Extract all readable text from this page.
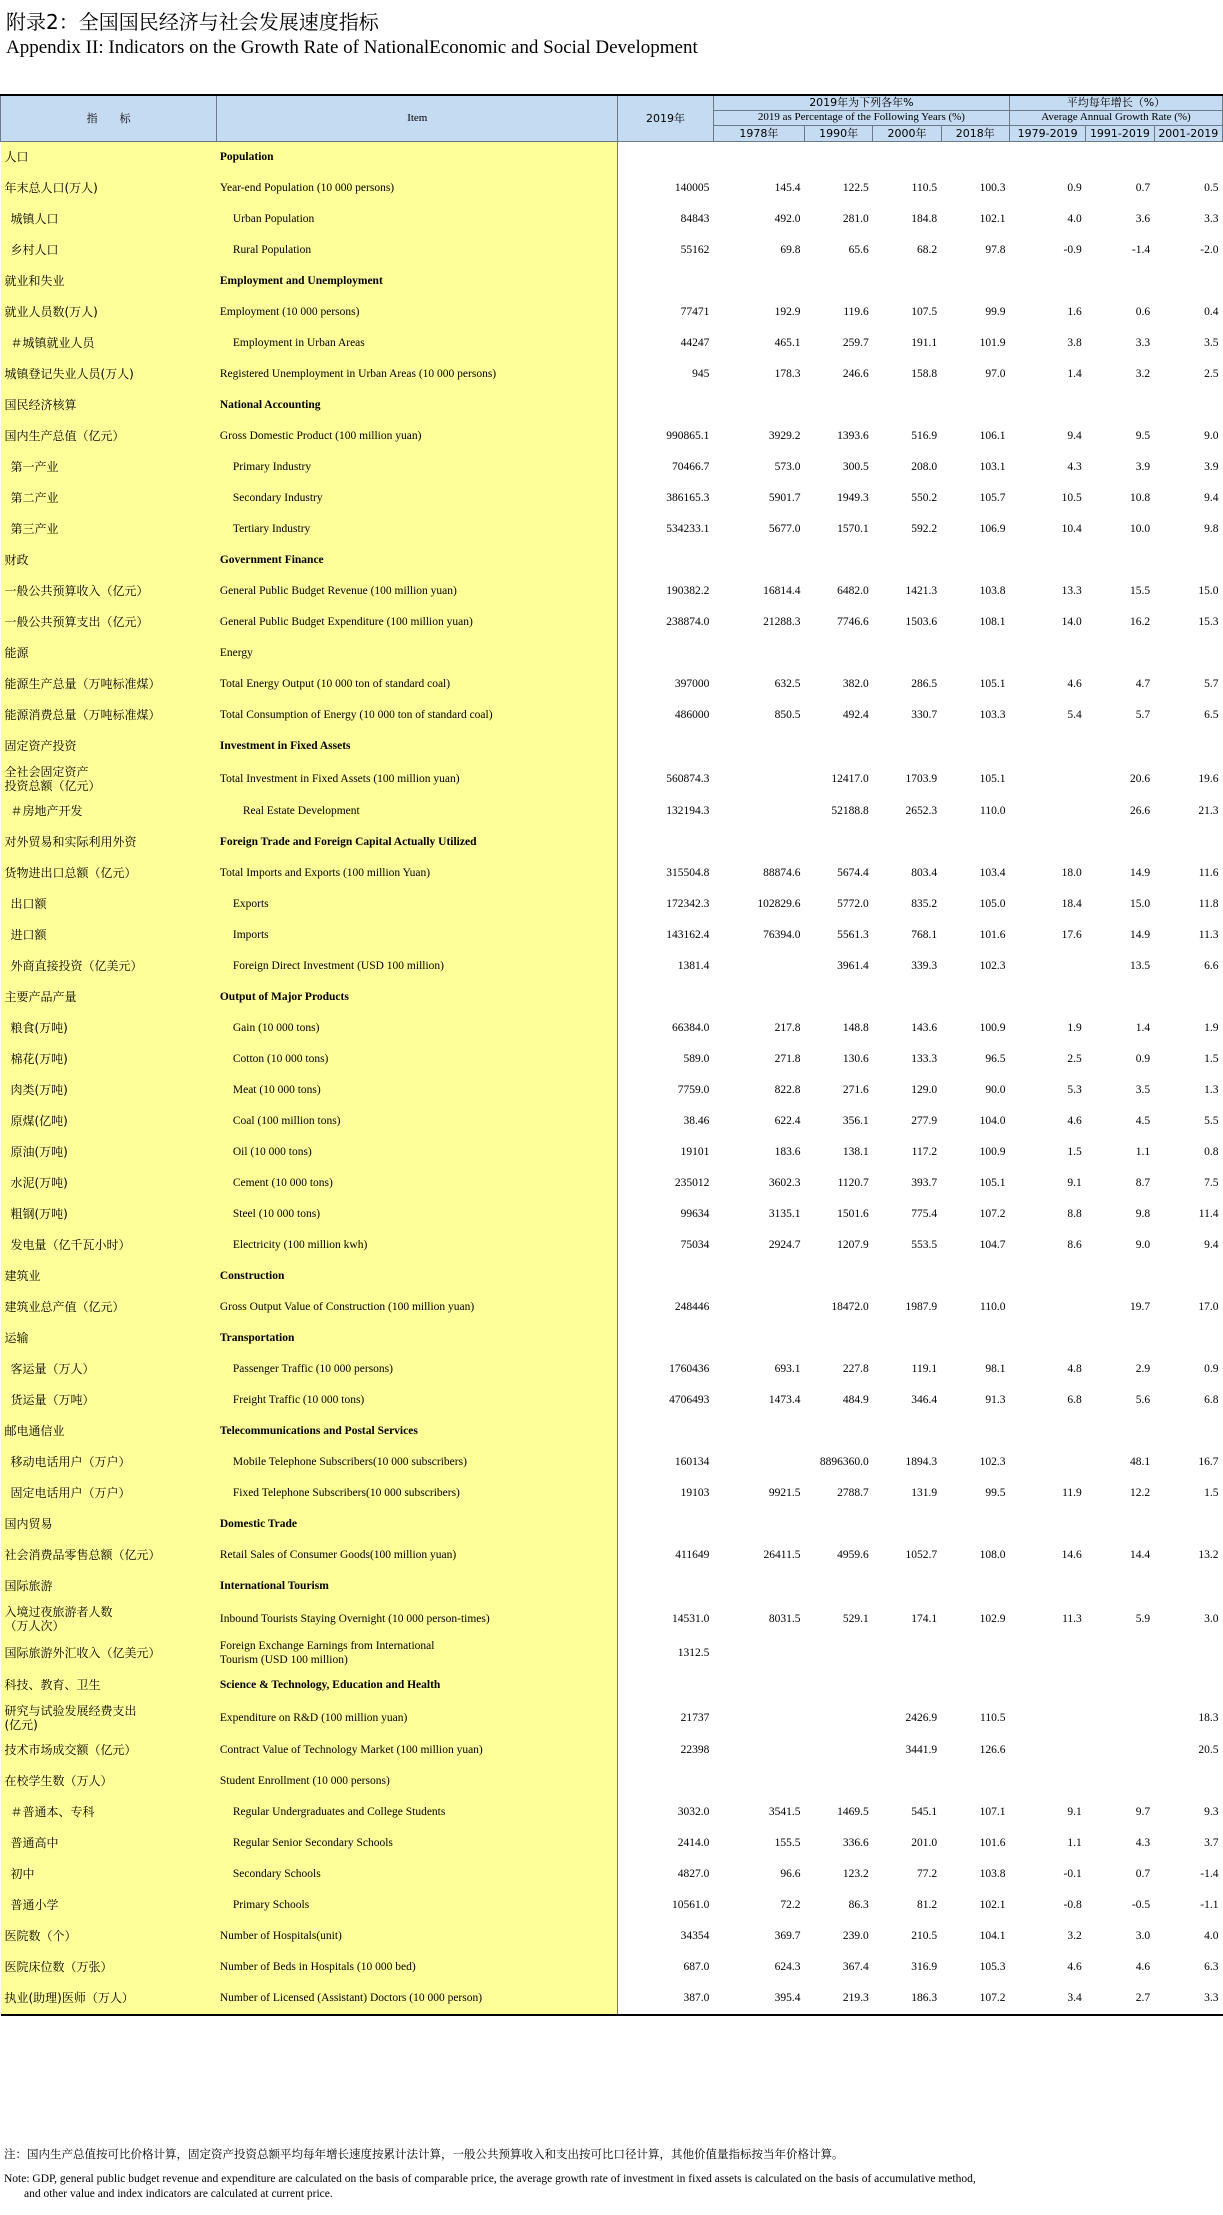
附录2：全国国民经济与社会发展速度指标
Appendix II: Indicators on the Growth Rate of NationalEconomic and Social Development
指　　标	Item	2019年	2019年为下列各年%				平均每年增长（%）		
			2019 as Percentage of the Following Years (%)				Average Annual Growth Rate (%)		
			1978年	1990年	2000年	2018年	1979-2019	1991-2019	2001-2019
人口	Population								
年末总人口(万人)	Year-end Population (10 000 persons)	140005	145.4	122.5	110.5	100.3	0.9	0.7	0.5
城镇人口	Urban Population	84843	492.0	281.0	184.8	102.1	4.0	3.6	3.3
乡村人口	Rural Population	55162	69.8	65.6	68.2	97.8	-0.9	-1.4	-2.0
就业和失业	Employment and Unemployment								
就业人员数(万人)	Employment (10 000 persons)	77471	192.9	119.6	107.5	99.9	1.6	0.6	0.4
＃城镇就业人员	Employment in Urban Areas	44247	465.1	259.7	191.1	101.9	3.8	3.3	3.5
城镇登记失业人员(万人)	Registered Unemployment in Urban Areas (10 000 persons)	945	178.3	246.6	158.8	97.0	1.4	3.2	2.5
国民经济核算	National Accounting								
国内生产总值（亿元）	Gross Domestic Product (100 million yuan)	990865.1	3929.2	1393.6	516.9	106.1	9.4	9.5	9.0
第一产业	Primary Industry	70466.7	573.0	300.5	208.0	103.1	4.3	3.9	3.9
第二产业	Secondary Industry	386165.3	5901.7	1949.3	550.2	105.7	10.5	10.8	9.4
第三产业	Tertiary Industry	534233.1	5677.0	1570.1	592.2	106.9	10.4	10.0	9.8
财政	Government Finance								
一般公共预算收入（亿元）	General Public Budget Revenue (100 million yuan)	190382.2	16814.4	6482.0	1421.3	103.8	13.3	15.5	15.0
一般公共预算支出（亿元）	General Public Budget Expenditure (100 million yuan)	238874.0	21288.3	7746.6	1503.6	108.1	14.0	16.2	15.3
能源	Energy								
能源生产总量（万吨标准煤）	Total Energy Output (10 000 ton of standard coal)	397000	632.5	382.0	286.5	105.1	4.6	4.7	5.7
能源消费总量（万吨标准煤）	Total Consumption of Energy (10 000 ton of standard coal)	486000	850.5	492.4	330.7	103.3	5.4	5.7	6.5
固定资产投资	Investment in Fixed Assets								
全社会固定资产
投资总额（亿元）	Total Investment in Fixed Assets (100 million yuan)	560874.3		12417.0	1703.9	105.1		20.6	19.6
＃房地产开发	Real Estate Development	132194.3		52188.8	2652.3	110.0		26.6	21.3
对外贸易和实际利用外资	Foreign Trade and Foreign Capital Actually Utilized								
货物进出口总额（亿元）	Total Imports and Exports (100 million Yuan)	315504.8	88874.6	5674.4	803.4	103.4	18.0	14.9	11.6
出口额	Exports	172342.3	102829.6	5772.0	835.2	105.0	18.4	15.0	11.8
进口额	Imports	143162.4	76394.0	5561.3	768.1	101.6	17.6	14.9	11.3
外商直接投资（亿美元）	Foreign Direct Investment (USD 100 million)	1381.4		3961.4	339.3	102.3		13.5	6.6
主要产品产量	Output of Major Products								
粮食(万吨)	Gain (10 000 tons)	66384.0	217.8	148.8	143.6	100.9	1.9	1.4	1.9
棉花(万吨)	Cotton (10 000 tons)	589.0	271.8	130.6	133.3	96.5	2.5	0.9	1.5
肉类(万吨)	Meat (10 000 tons)	7759.0	822.8	271.6	129.0	90.0	5.3	3.5	1.3
原煤(亿吨)	Coal (100 million tons)	38.46	622.4	356.1	277.9	104.0	4.6	4.5	5.5
原油(万吨)	Oil (10 000 tons)	19101	183.6	138.1	117.2	100.9	1.5	1.1	0.8
水泥(万吨)	Cement (10 000 tons)	235012	3602.3	1120.7	393.7	105.1	9.1	8.7	7.5
粗钢(万吨)	Steel (10 000 tons)	99634	3135.1	1501.6	775.4	107.2	8.8	9.8	11.4
发电量（亿千瓦小时）	Electricity (100 million kwh)	75034	2924.7	1207.9	553.5	104.7	8.6	9.0	9.4
建筑业	Construction								
建筑业总产值（亿元）	Gross Output Value of Construction (100 million yuan)	248446		18472.0	1987.9	110.0		19.7	17.0
运输	Transportation								
客运量（万人）	Passenger Traffic (10 000 persons)	1760436	693.1	227.8	119.1	98.1	4.8	2.9	0.9
货运量（万吨）	Freight Traffic (10 000 tons)	4706493	1473.4	484.9	346.4	91.3	6.8	5.6	6.8
邮电通信业	Telecommunications and Postal Services								
移动电话用户（万户）	Mobile Telephone Subscribers(10 000 subscribers)	160134		8896360.0	1894.3	102.3		48.1	16.7
固定电话用户（万户）	Fixed Telephone Subscribers(10 000 subscribers)	19103	9921.5	2788.7	131.9	99.5	11.9	12.2	1.5
国内贸易	Domestic Trade								
社会消费品零售总额（亿元）	Retail Sales of Consumer Goods(100 million yuan)	411649	26411.5	4959.6	1052.7	108.0	14.6	14.4	13.2
国际旅游	International Tourism								
入境过夜旅游者人数
（万人次）	Inbound Tourists Staying Overnight (10 000 person-times)	14531.0	8031.5	529.1	174.1	102.9	11.3	5.9	3.0
国际旅游外汇收入（亿美元）	Foreign Exchange Earnings from International
Tourism (USD 100 million)	1312.5							
科技、教育、卫生	Science & Technology, Education and Health								
研究与试验发展经费支出
(亿元)	Expenditure on R&D (100 million yuan)	21737			2426.9	110.5			18.3
技术市场成交额（亿元）	Contract Value of Technology Market (100 million yuan)	22398			3441.9	126.6			20.5
在校学生数（万人）	Student Enrollment (10 000 persons)								
＃普通本、专科	Regular Undergraduates and College Students	3032.0	3541.5	1469.5	545.1	107.1	9.1	9.7	9.3
普通高中	Regular Senior Secondary Schools	2414.0	155.5	336.6	201.0	101.6	1.1	4.3	3.7
初中	Secondary Schools	4827.0	96.6	123.2	77.2	103.8	-0.1	0.7	-1.4
普通小学	Primary Schools	10561.0	72.2	86.3	81.2	102.1	-0.8	-0.5	-1.1
医院数（个）	Number of Hospitals(unit)	34354	369.7	239.0	210.5	104.1	3.2	3.0	4.0
医院床位数（万张）	Number of Beds in Hospitals (10 000 bed)	687.0	624.3	367.4	316.9	105.3	4.6	4.6	6.3
执业(助理)医师（万人）	Number of Licensed (Assistant) Doctors (10 000 person)	387.0	395.4	219.3	186.3	107.2	3.4	2.7	3.3
注：国内生产总值按可比价格计算，固定资产投资总额平均每年增长速度按累计法计算，一般公共预算收入和支出按可比口径计算，其他价值量指标按当年价格计算。
Note: GDP, general public budget revenue and expenditure are calculated on the basis of comparable price, the average growth rate of investment in fixed assets is calculated on the basis of accumulative method,
and other value and index indicators are calculated at current price.
